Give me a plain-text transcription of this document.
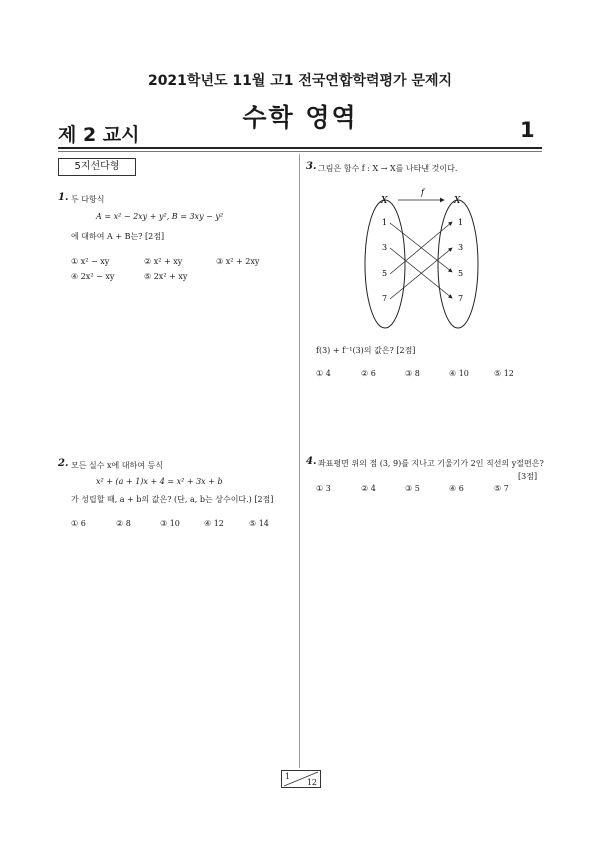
2021학년도 11월 고1 전국연합학력평가 문제지
수학 영역
제 2 교시	1
5지선다형
1. 두 다항식
A = x² − 2xy + y², B = 3xy − y²
에 대하여 A + B는? [2점]
① x² − xy	② x² + xy	③ x² + 2xy
④ 2x² − xy	⑤ 2x² + xy
2. 모든 실수 x에 대하여 등식
x² + (a + 1)x + 4 = x² + 3x + b
가 성립할 때, a + b의 값은? (단, a, b는 상수이다.) [2점]
① 6	② 8	③ 10	④ 12	⑤ 14
3. 그림은 함수 f : X → X를 나타낸 것이다.
X	X
f
1
3
5
7
1
3
5
7
f(3) + f⁻¹(3)의 값은? [2점]
① 4	② 6	③ 8	④ 10	⑤ 12
4. 좌표평면 위의 점 (3, 9)를 지나고 기울기가 2인 직선의 y절편은?
[3점]
① 3	② 4	③ 5	④ 6	⑤ 7
1
12
